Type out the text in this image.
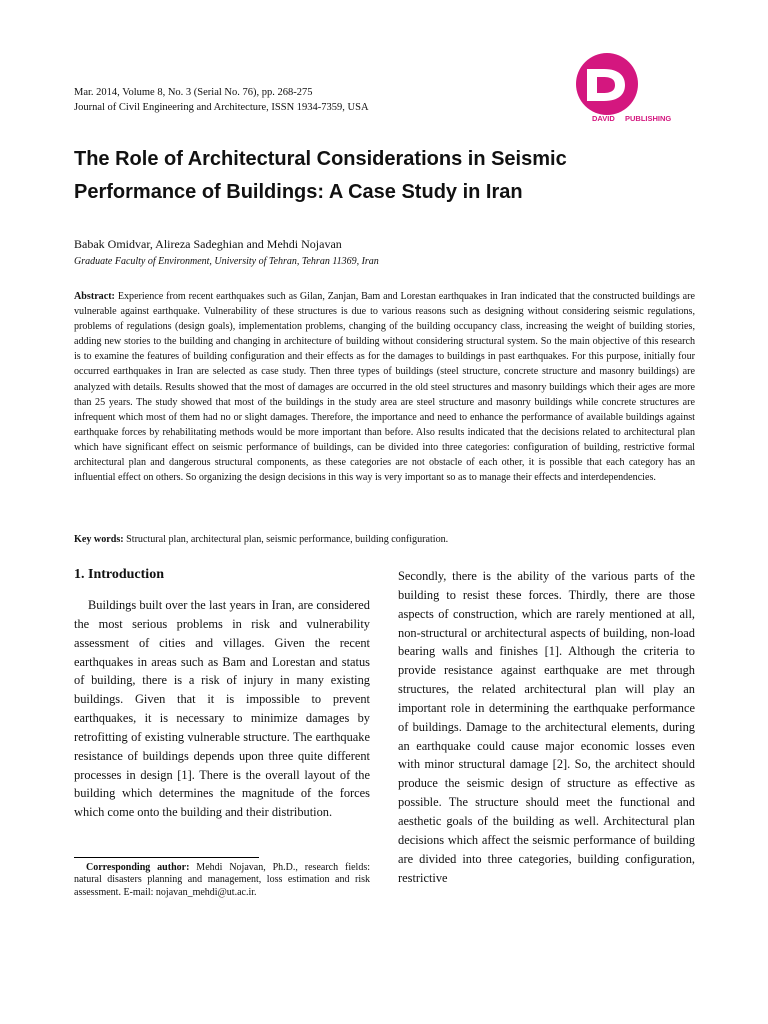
Mar. 2014, Volume 8, No. 3 (Serial No. 76), pp. 268-275
Journal of Civil Engineering and Architecture, ISSN 1934-7359, USA
DAVID PUBLISHING
The Role of Architectural Considerations in Seismic Performance of Buildings: A Case Study in Iran
Babak Omidvar, Alireza Sadeghian and Mehdi Nojavan
Graduate Faculty of Environment, University of Tehran, Tehran 11369, Iran

Abstract: Experience from recent earthquakes such as Gilan, Zanjan, Bam and Lorestan earthquakes in Iran indicated that the constructed buildings are vulnerable against earthquake. Vulnerability of these structures is due to various reasons such as designing without considering seismic regulations, problems of regulations (design goals), implementation problems, changing of the building occupancy class, increasing the weight of building stories, adding new stories to the building and changing in architecture of building without considering structural system. So the main objective of this research is to examine the features of building configuration and their effects as for the damages to buildings in past earthquakes. For this purpose, initially four occurred earthquakes in Iran are selected as case study. Then three types of buildings (steel structure, concrete structure and masonry buildings) are analyzed with details. Results showed that the most of damages are occurred in the old steel structures and masonry buildings which their ages are more than 25 years. The study showed that most of the buildings in the study area are steel structure and masonry buildings while concrete structures are infrequent which most of them had no or slight damages. Therefore, the importance and need to enhance the performance of available buildings against earthquake forces by rehabilitating methods would be more important than before. Also results indicated that the decisions related to architectural plan which have significant effect on seismic performance of buildings, can be divided into three categories: configuration of building, restrictive formal architectural plan and dangerous structural components, as these categories are not obstacle of each other, it is possible that each category has an influential effect on others. So organizing the design decisions in this way is very important so as to manage their effects and interdependencies.

Key words: Structural plan, architectural plan, seismic performance, building configuration.

1. Introduction

Buildings built over the last years in Iran, are considered the most serious problems in risk and vulnerability assessment of cities and villages. Given the recent earthquakes in areas such as Bam and Lorestan and status of building, there is a risk of injury in many existing buildings. Given that it is impossible to prevent earthquakes, it is necessary to minimize damages by retrofitting of existing vulnerable structure. The earthquake resistance of buildings depends upon three quite different processes in design [1]. There is the overall layout of the building which determines the magnitude of the forces which come onto the building and their distribution.

Secondly, there is the ability of the various parts of the building to resist these forces. Thirdly, there are those aspects of construction, which are rarely mentioned at all, non-structural or architectural aspects of building, non-load bearing walls and finishes [1]. Although the criteria to provide resistance against earthquake are met through structures, the related architectural plan will play an important role in determining the earthquake performance of buildings. Damage to the architectural elements, during an earthquake could cause major economic losses even with minor structural damage [2]. So, the architect should produce the seismic design of structure as effective as possible. The structure should meet the functional and aesthetic goals of the building as well. Architectural plan decisions which affect the seismic performance of building are divided into three categories, building configuration, restrictive

Corresponding author: Mehdi Nojavan, Ph.D., research fields: natural disasters planning and management, loss estimation and risk assessment. E-mail: nojavan_mehdi@ut.ac.ir.
